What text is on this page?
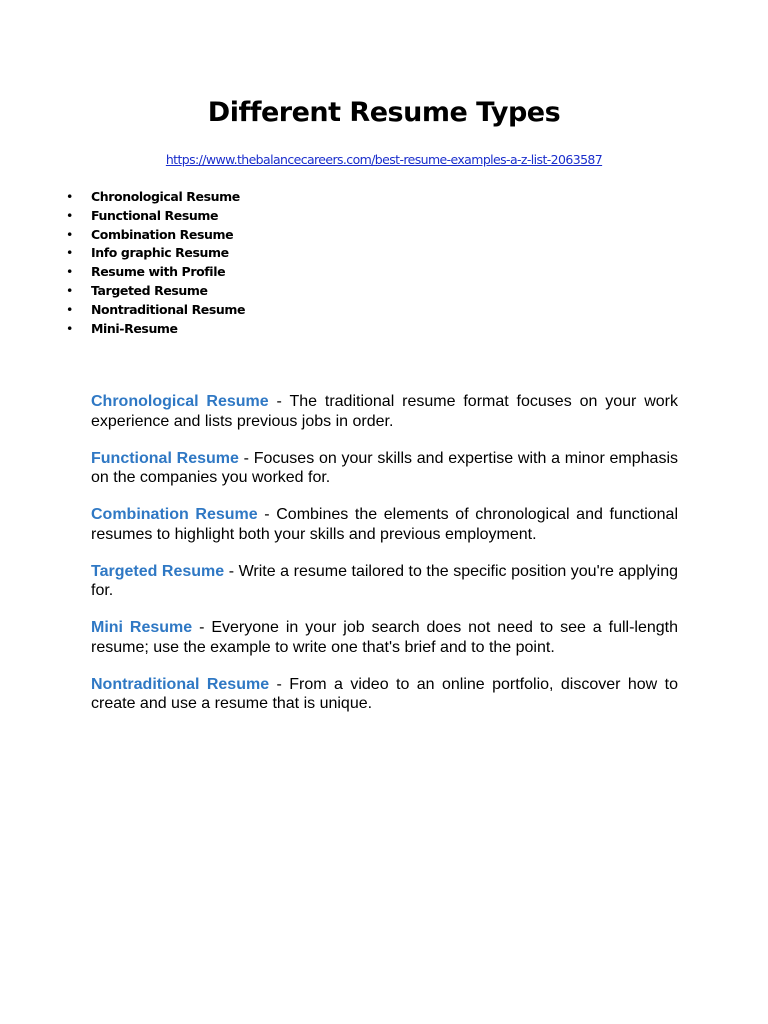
Different Resume Types
https://www.thebalancecareers.com/best-resume-examples-a-z-list-2063587
• Chronological Resume
• Functional Resume
• Combination Resume
• Info graphic Resume
• Resume with Profile
• Targeted Resume
• Nontraditional Resume
• Mini-Resume

Chronological Resume - The traditional resume format focuses on your work experience and lists previous jobs in order.

Functional Resume - Focuses on your skills and expertise with a minor emphasis on the companies you worked for.

Combination Resume - Combines the elements of chronological and functional resumes to highlight both your skills and previous employment.

Targeted Resume - Write a resume tailored to the specific position you're applying for.

Mini Resume - Everyone in your job search does not need to see a full-length resume; use the example to write one that's brief and to the point.

Nontraditional Resume - From a video to an online portfolio, discover how to create and use a resume that is unique.
